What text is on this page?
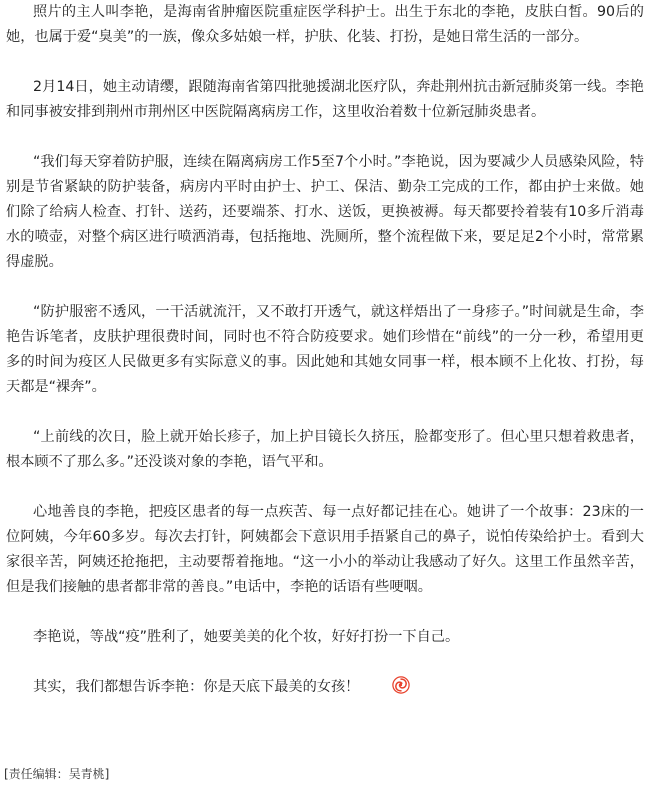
照片的主人叫李艳，是海南省肿瘤医院重症医学科护士。出生于东北的李艳，皮肤白皙。90后的她，也属于爱“臭美”的一族，像众多姑娘一样，护肤、化装、打扮，是她日常生活的一部分。

2月14日，她主动请缨，跟随海南省第四批驰援湖北医疗队，奔赴荆州抗击新冠肺炎第一线。李艳和同事被安排到荆州市荆州区中医院隔离病房工作，这里收治着数十位新冠肺炎患者。

“我们每天穿着防护服，连续在隔离病房工作5至7个小时。”李艳说，因为要减少人员感染风险，特别是节省紧缺的防护装备，病房内平时由护士、护工、保洁、勤杂工完成的工作，都由护士来做。她们除了给病人检查、打针、送药，还要端茶、打水、送饭，更换被褥。每天都要拎着装有10多斤消毒水的喷壶，对整个病区进行喷洒消毒，包括拖地、洗厕所，整个流程做下来，要足足2个小时，常常累得虚脱。

“防护服密不透风，一干活就流汗，又不敢打开透气，就这样焐出了一身疹子。”时间就是生命，李艳告诉笔者，皮肤护理很费时间，同时也不符合防疫要求。她们珍惜在“前线”的一分一秒，希望用更多的时间为疫区人民做更多有实际意义的事。因此她和其她女同事一样，根本顾不上化妆、打扮，每天都是“裸奔”。

“上前线的次日，脸上就开始长疹子，加上护目镜长久挤压，脸都变形了。但心里只想着救患者，根本顾不了那么多。”还没谈对象的李艳，语气平和。

心地善良的李艳，把疫区患者的每一点疾苦、每一点好都记挂在心。她讲了一个故事：23床的一位阿姨，今年60多岁。每次去打针，阿姨都会下意识用手捂紧自己的鼻子，说怕传染给护士。看到大家很辛苦，阿姨还抢拖把，主动要帮着拖地。“这一小小的举动让我感动了好久。这里工作虽然辛苦，但是我们接触的患者都非常的善良。”电话中，李艳的话语有些哽咽。

李艳说，等战“疫”胜利了，她要美美的化个妆，好好打扮一下自己。

其实，我们都想告诉李艳：你是天底下最美的女孩！

[责任编辑：吴青桃]
